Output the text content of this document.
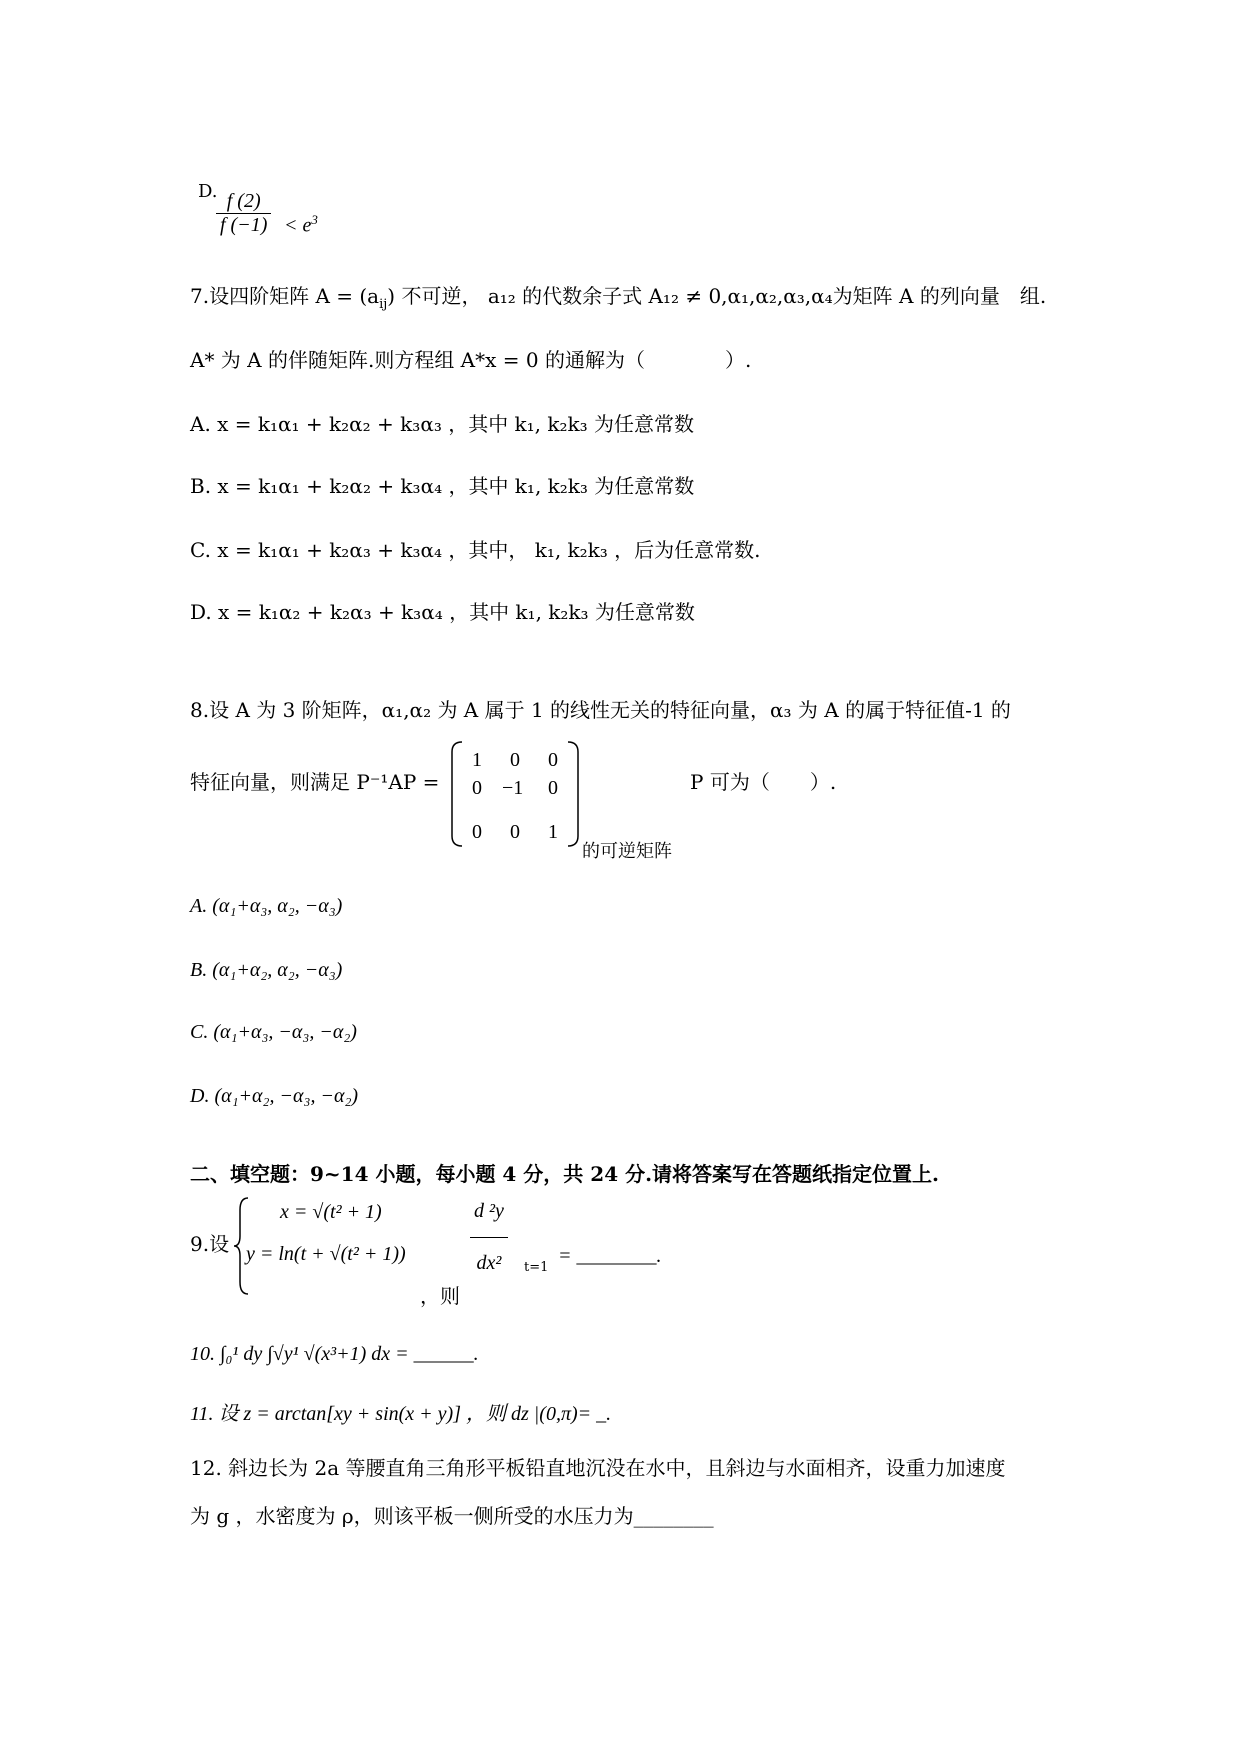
D.
$\frac{f (2)}{f (-1)} < e^3$
7.设四阶矩阵 $A = (a_{ij})$ 不可逆， a₁₂ 的代数余子式 A₁₂ ≠ 0,α₁,α₂,α₃,α₄为矩阵 A 的列向量　组.
A* 为 A 的伴随矩阵.则方程组 A*x = 0 的通解为（　　　　）.
A. x = k₁α₁ + k₂α₂ + k₃α₃ ，其中 k₁, k₂k₃ 为任意常数
B. x = k₁α₁ + k₂α₂ + k₃α₄ ，其中 k₁, k₂k₃ 为任意常数
C. x = k₁α₁ + k₂α₃ + k₃α₄ ，其中， k₁, k₂k₃ ，后为任意常数.
D. x = k₁α₂ + k₂α₃ + k₃α₄ ，其中 k₁, k₂k₃ 为任意常数
8.设 A 为 3 阶矩阵，α₁,α₂ 为 A 属于 1 的线性无关的特征向量，α₃ 为 A 的属于特征值-1 的
特征向量，则满足 P⁻¹AP =
1 0 0
0 −1 0
0 0 1
P 可为（　　）.
的可逆矩阵
A. (α₁+α₃, α₂, −α₃)
B. (α₁+α₂, α₂, −α₃)
C. (α₁+α₃, −α₃, −α₂)
D. (α₁+α₂, −α₃, −α₂)
二、填空题：9~14 小题，每小题 4 分，共 24 分.请将答案写在答题纸指定位置上.
9.设
x = √(t² + 1)
y = ln(t + √(t² + 1))
，则
$\frac{\text{d ²y}}{\text{dx²}} t=1$
= ________.
10. ∫₀¹ dy ∫√y¹ √(x³+1) dx = ______.
11. 设 z = arctan[xy + sin(x + y)] ，则 dz |(0,π)= _.
12. 斜边长为 2a 等腰直角三角形平板铅直地沉没在水中，且斜边与水面相齐，设重力加速度
为 g ，水密度为 ρ，则该平板一侧所受的水压力为________
